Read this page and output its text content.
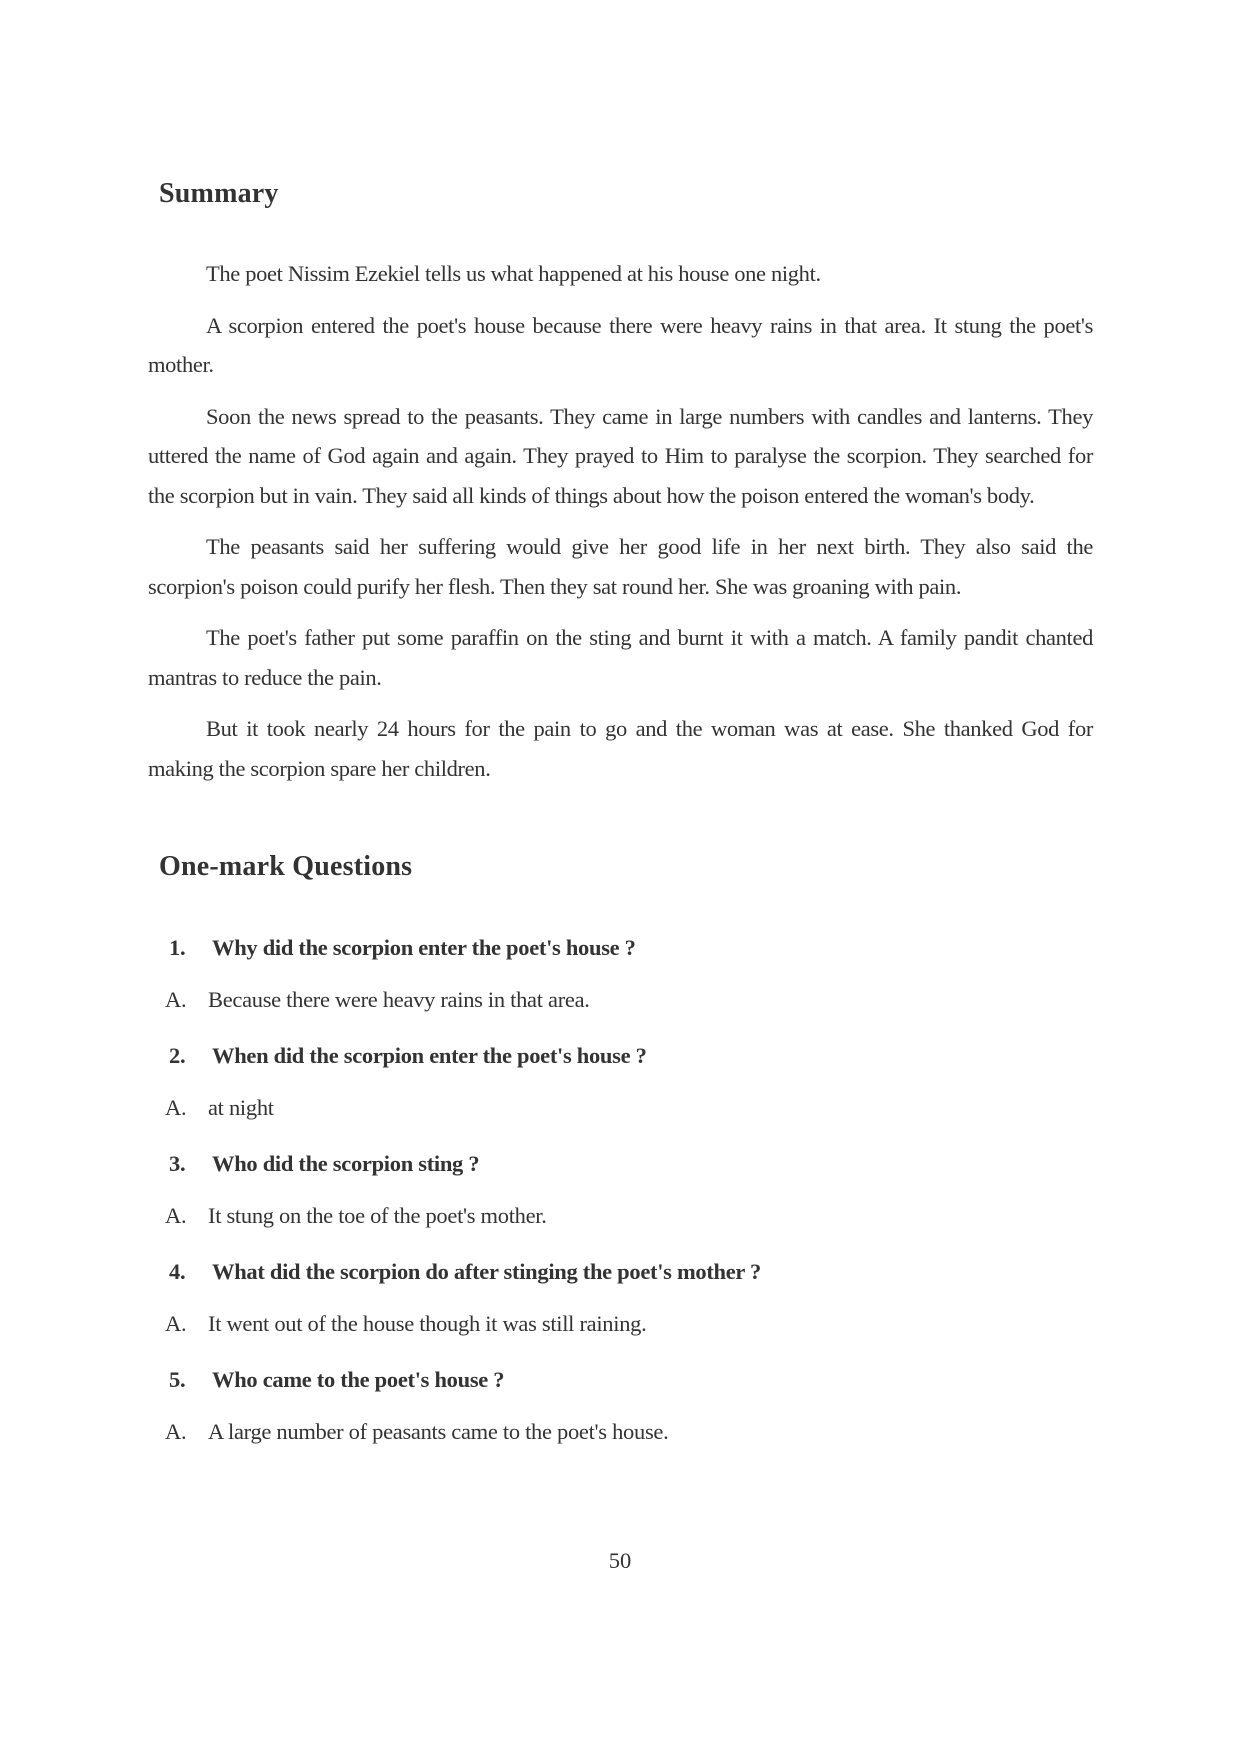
Summary

The poet Nissim Ezekiel tells us what happened at his house one night.

A scorpion entered the poet's house because there were heavy rains in that area. It stung the poet's mother.

Soon the news spread to the peasants. They came in large numbers with candles and lanterns. They uttered the name of God again and again. They prayed to Him to paralyse the scorpion. They searched for the scorpion but in vain. They said all kinds of things about how the poison entered the woman's body.

The peasants said her suffering would give her good life in her next birth. They also said the scorpion's poison could purify her flesh. Then they sat round her. She was groaning with pain.

The poet's father put some paraffin on the sting and burnt it with a match. A family pandit chanted mantras to reduce the pain.

But it took nearly 24 hours for the pain to go and the woman was at ease. She thanked God for making the scorpion spare her children.

One-mark Questions
1.	Why did the scorpion enter the poet's house ?
A. Because there were heavy rains in that area.
2.	When did the scorpion enter the poet's house ?
A. at night
3.	Who did the scorpion sting ?
A. It stung on the toe of the poet's mother.
4.	What did the scorpion do after stinging the poet's mother ?
A. It went out of the house though it was still raining.
5.	Who came to the poet's house ?
A. A large number of peasants came to the poet's house.
50
